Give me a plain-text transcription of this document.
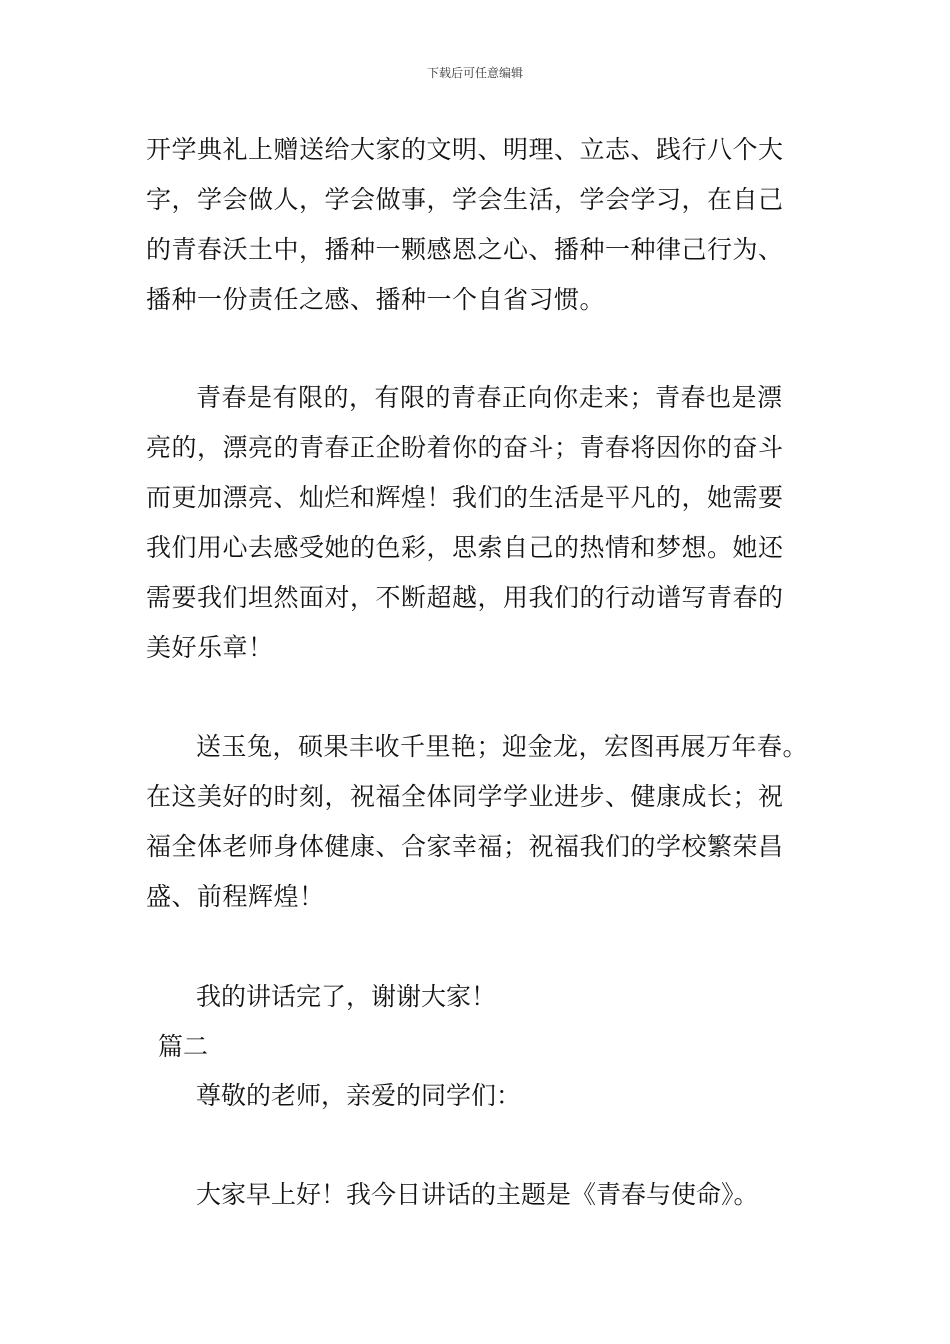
下载后可任意编辑
开学典礼上赠送给大家的文明、明理、立志、践行八个大
字，学会做人，学会做事，学会生活，学会学习，在自己
的青春沃土中，播种一颗感恩之心、播种一种律己行为、
播种一份责任之感、播种一个自省习惯。
青春是有限的，有限的青春正向你走来；青春也是漂
亮的，漂亮的青春正企盼着你的奋斗；青春将因你的奋斗
而更加漂亮、灿烂和辉煌！我们的生活是平凡的，她需要
我们用心去感受她的色彩，思索自己的热情和梦想。她还
需要我们坦然面对，不断超越，用我们的行动谱写青春的
美好乐章！
送玉兔，硕果丰收千里艳；迎金龙，宏图再展万年春。
在这美好的时刻，祝福全体同学学业进步、健康成长；祝
福全体老师身体健康、合家幸福；祝福我们的学校繁荣昌
盛、前程辉煌！
我的讲话完了，谢谢大家！
篇二
尊敬的老师，亲爱的同学们：
大家早上好！我今日讲话的主题是《青春与使命》。
